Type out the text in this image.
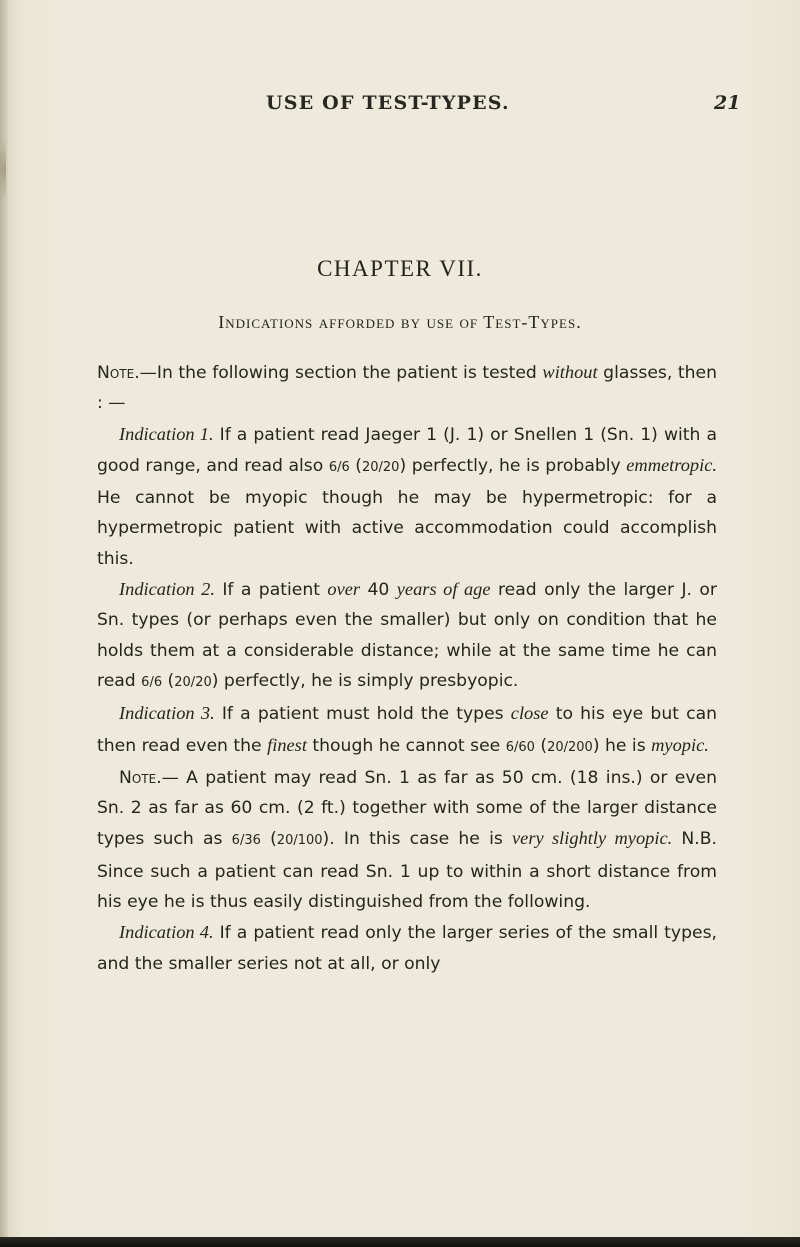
USE OF TEST-TYPES.	21
CHAPTER VII.
Indications afforded by use of Test-Types.

Note.—In the following section the patient is tested without glasses, then : —

Indication 1. If a patient read Jaeger 1 (J. 1) or Snellen 1 (Sn. 1) with a good range, and read also 6/6 (20/20) perfectly, he is probably emmetropic. He cannot be myopic though he may be hypermetropic: for a hypermetropic patient with active accommodation could accomplish this.

Indication 2. If a patient over 40 years of age read only the larger J. or Sn. types (or perhaps even the smaller) but only on condition that he holds them at a considerable distance; while at the same time he can read 6/6 (20/20) perfectly, he is simply presbyopic.

Indication 3. If a patient must hold the types close to his eye but can then read even the finest though he cannot see 6/60 (20/200) he is myopic.

Note.— A patient may read Sn. 1 as far as 50 cm. (18 ins.) or even Sn. 2 as far as 60 cm. (2 ft.) together with some of the larger distance types such as 6/36 (20/100). In this case he is very slightly myopic. N.B. Since such a patient can read Sn. 1 up to within a short distance from his eye he is thus easily distinguished from the following.

Indication 4. If a patient read only the larger series of the small types, and the smaller series not at all, or only
